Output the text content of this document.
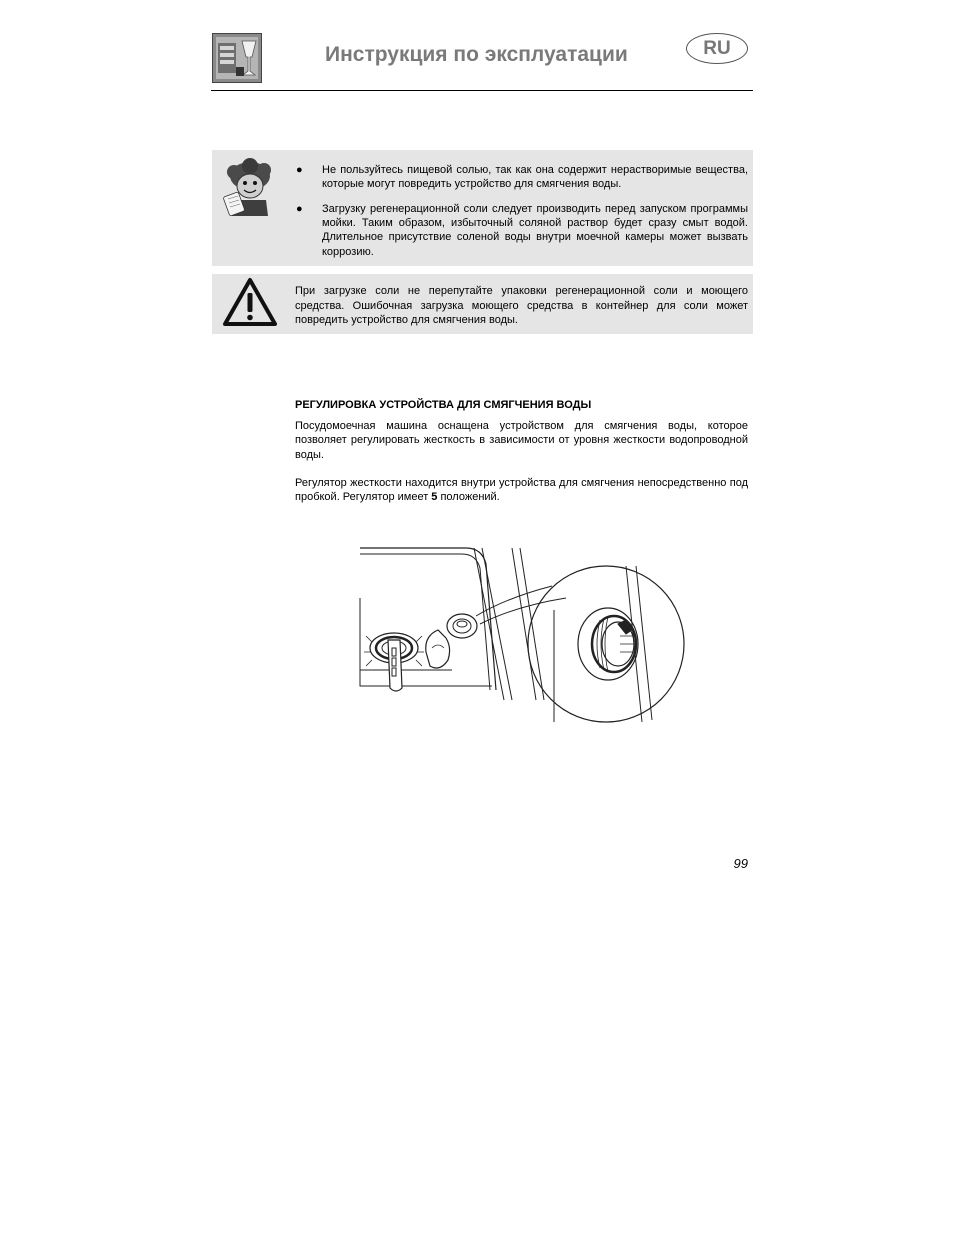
Инструкция по эксплуатации	RU
● Не пользуйтесь пищевой солью, так как она содержит нерастворимые вещества, которые могут повредить устройство для смягчения воды.
● Загрузку регенерационной соли следует производить перед запуском программы мойки. Таким образом, избыточный соляной раствор будет сразу смыт водой. Длительное присутствие соленой воды внутри моечной камеры может вызвать коррозию.
При загрузке соли не перепутайте упаковки регенерационной соли и моющего средства. Ошибочная загрузка моющего средства в контейнер для соли может повредить устройство для смягчения воды.
РЕГУЛИРОВКА УСТРОЙСТВА ДЛЯ СМЯГЧЕНИЯ ВОДЫ
Посудомоечная машина оснащена устройством для смягчения воды, которое позволяет регулировать жесткость в зависимости от уровня жесткости водопроводной воды.
Регулятор жесткости находится внутри устройства для смягчения непосредственно под пробкой. Регулятор имеет 5 положений.
99
